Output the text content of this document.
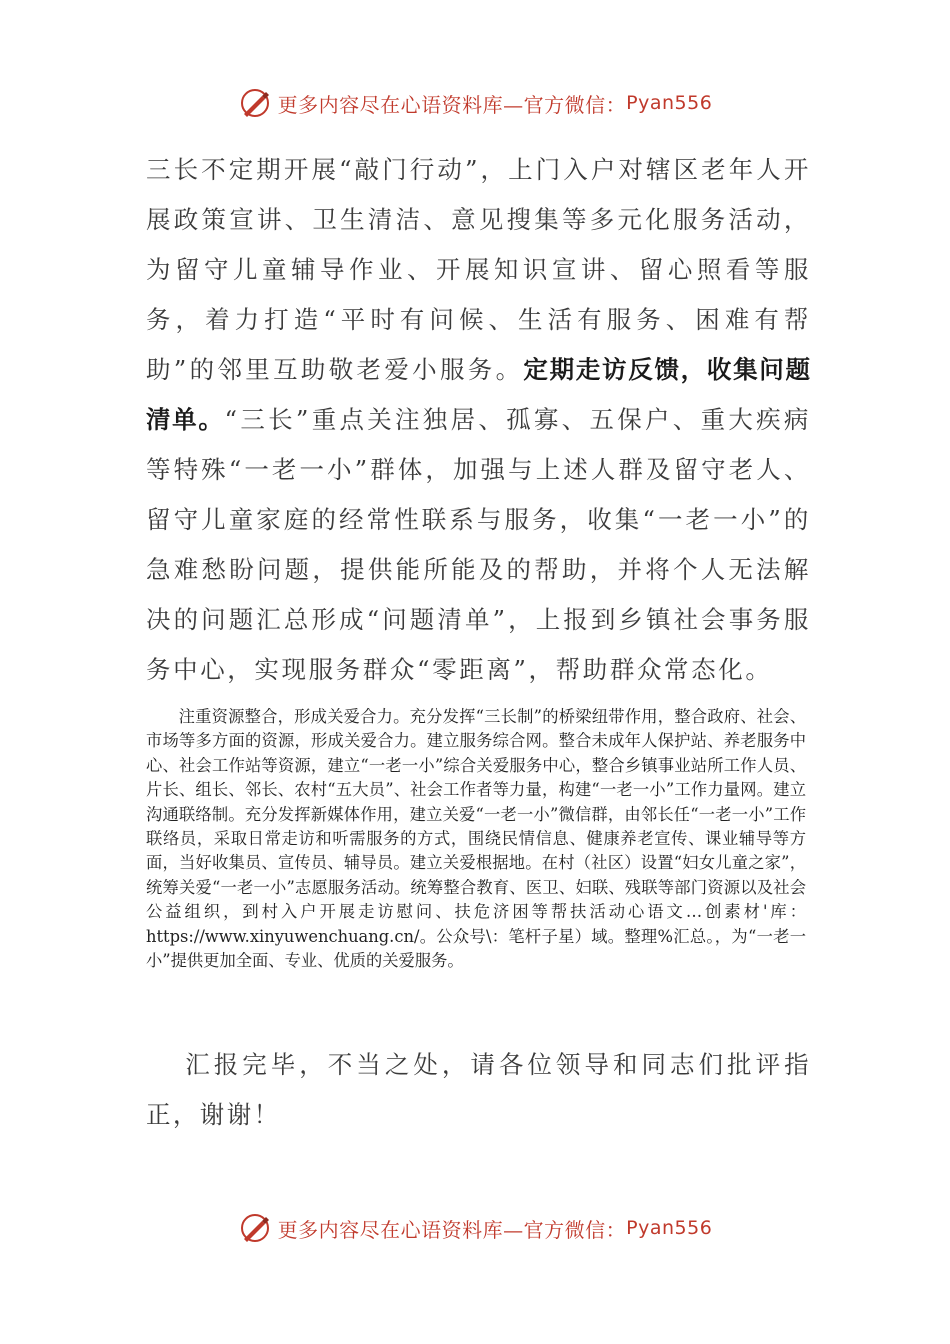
更多内容尽在心语资料库—官方微信： Pyan556

三长不定期开展“敲门行动”，上门入户对辖区老年人开展政策宣讲、卫生清洁、意见搜集等多元化服务活动，为留守儿童辅导作业、开展知识宣讲、留心照看等服务，着力打造“平时有问候、生活有服务、困难有帮助”的邻里互助敬老爱小服务。定期走访反馈，收集问题清单。“三长”重点关注独居、孤寡、五保户、重大疾病等特殊“一老一小”群体，加强与上述人群及留守老人、留守儿童家庭的经常性联系与服务，收集“一老一小”的急难愁盼问题，提供能所能及的帮助，并将个人无法解决的问题汇总形成“问题清单”，上报到乡镇社会事务服务中心，实现服务群众“零距离”，帮助群众常态化。

注重资源整合，形成关爱合力。充分发挥“三长制”的桥梁纽带作用，整合政府、社会、市场等多方面的资源，形成关爱合力。建立服务综合网。整合未成年人保护站、养老服务中心、社会工作站等资源，建立“一老一小”综合关爱服务中心，整合乡镇事业站所工作人员、片长、组长、邻长、农村“五大员”、社会工作者等力量，构建“一老一小”工作力量网。建立沟通联络制。充分发挥新媒体作用，建立关爱“一老一小”微信群，由邻长任“一老一小”工作联络员，采取日常走访和听需服务的方式，围绕民情信息、健康养老宣传、课业辅导等方面，当好收集员、宣传员、辅导员。建立关爱根据地。在村（社区）设置“妇女儿童之家”，统筹关爱“一老一小”志愿服务活动。统筹整合教育、医卫、妇联、残联等部门资源以及社会公益组织，到村入户开展走访慰问、扶危济困等帮扶活动心语文…创素材'库：https://www.xinyuwenchuang.cn/。公众号\：笔杆子星）域。整理%汇总。，为“一老一小”提供更加全面、专业、优质的关爱服务。

汇报完毕，不当之处，请各位领导和同志们批评指正，谢谢！

更多内容尽在心语资料库—官方微信： Pyan556
